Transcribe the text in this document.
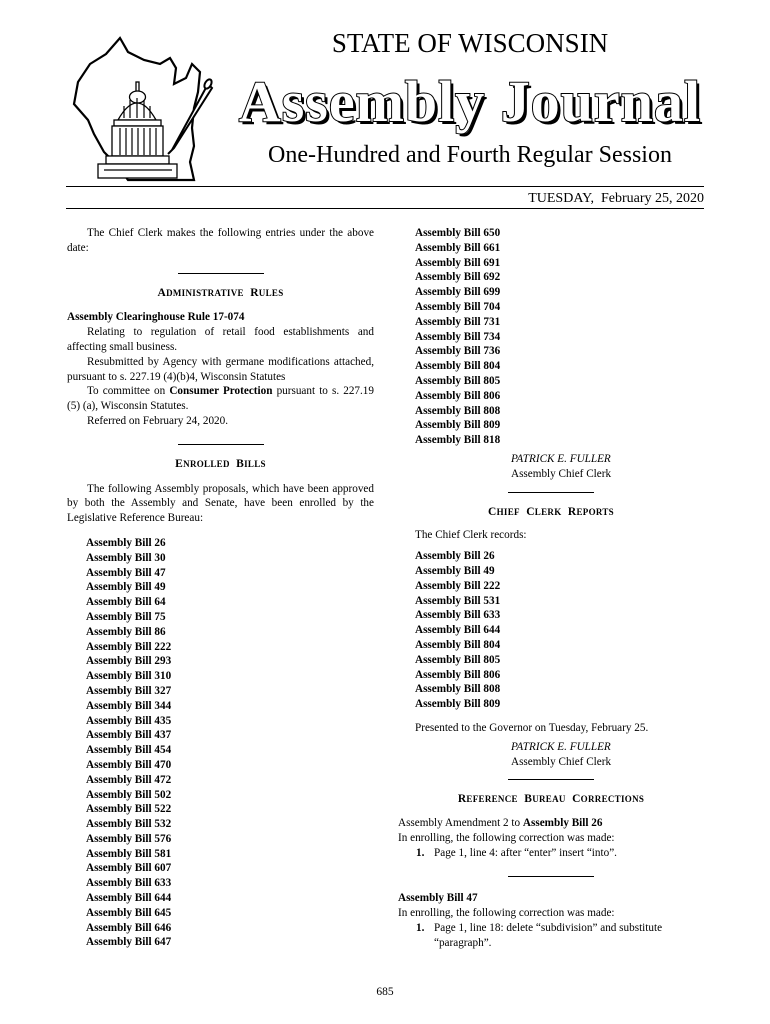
STATE OF WISCONSIN
Assembly Journal
One-Hundred and Fourth Regular Session
TUESDAY,  February 25, 2020

The Chief Clerk makes the following entries under the above date:

ADMINISTRATIVE RULES
Assembly Clearinghouse Rule 17-074

Relating to regulation of retail food establishments and affecting small business.

Resubmitted by Agency with germane modifications attached, pursuant to s. 227.19 (4)(b)4, Wisconsin Statutes

To committee on Consumer Protection pursuant to s. 227.19 (5) (a), Wisconsin Statutes.

Referred on February 24, 2020.

ENROLLED BILLS

The following Assembly proposals, which have been approved by both the Assembly and Senate, have been enrolled by the Legislative Reference Bureau:

Assembly Bill 26
Assembly Bill 30
Assembly Bill 47
Assembly Bill 49
Assembly Bill 64
Assembly Bill 75
Assembly Bill 86
Assembly Bill 222
Assembly Bill 293
Assembly Bill 310
Assembly Bill 327
Assembly Bill 344
Assembly Bill 435
Assembly Bill 437
Assembly Bill 454
Assembly Bill 470
Assembly Bill 472
Assembly Bill 502
Assembly Bill 522
Assembly Bill 532
Assembly Bill 576
Assembly Bill 581
Assembly Bill 607
Assembly Bill 633
Assembly Bill 644
Assembly Bill 645
Assembly Bill 646
Assembly Bill 647
Assembly Bill 650
Assembly Bill 661
Assembly Bill 691
Assembly Bill 692
Assembly Bill 699
Assembly Bill 704
Assembly Bill 731
Assembly Bill 734
Assembly Bill 736
Assembly Bill 804
Assembly Bill 805
Assembly Bill 806
Assembly Bill 808
Assembly Bill 809
Assembly Bill 818
PATRICK E. FULLER
Assembly Chief Clerk
CHIEF CLERK REPORTS

The Chief Clerk records:

Assembly Bill 26
Assembly Bill 49
Assembly Bill 222
Assembly Bill 531
Assembly Bill 633
Assembly Bill 644
Assembly Bill 804
Assembly Bill 805
Assembly Bill 806
Assembly Bill 808
Assembly Bill 809

Presented to the Governor on Tuesday, February 25.

PATRICK E. FULLER
Assembly Chief Clerk
REFERENCE BUREAU CORRECTIONS
Assembly Amendment 2 to Assembly Bill 26
In enrolling, the following correction was made:
1. Page 1, line 4: after “enter” insert “into”.
Assembly Bill 47
In enrolling, the following correction was made:
1. Page 1, line 18: delete “subdivision” and substitute “paragraph”.
685
